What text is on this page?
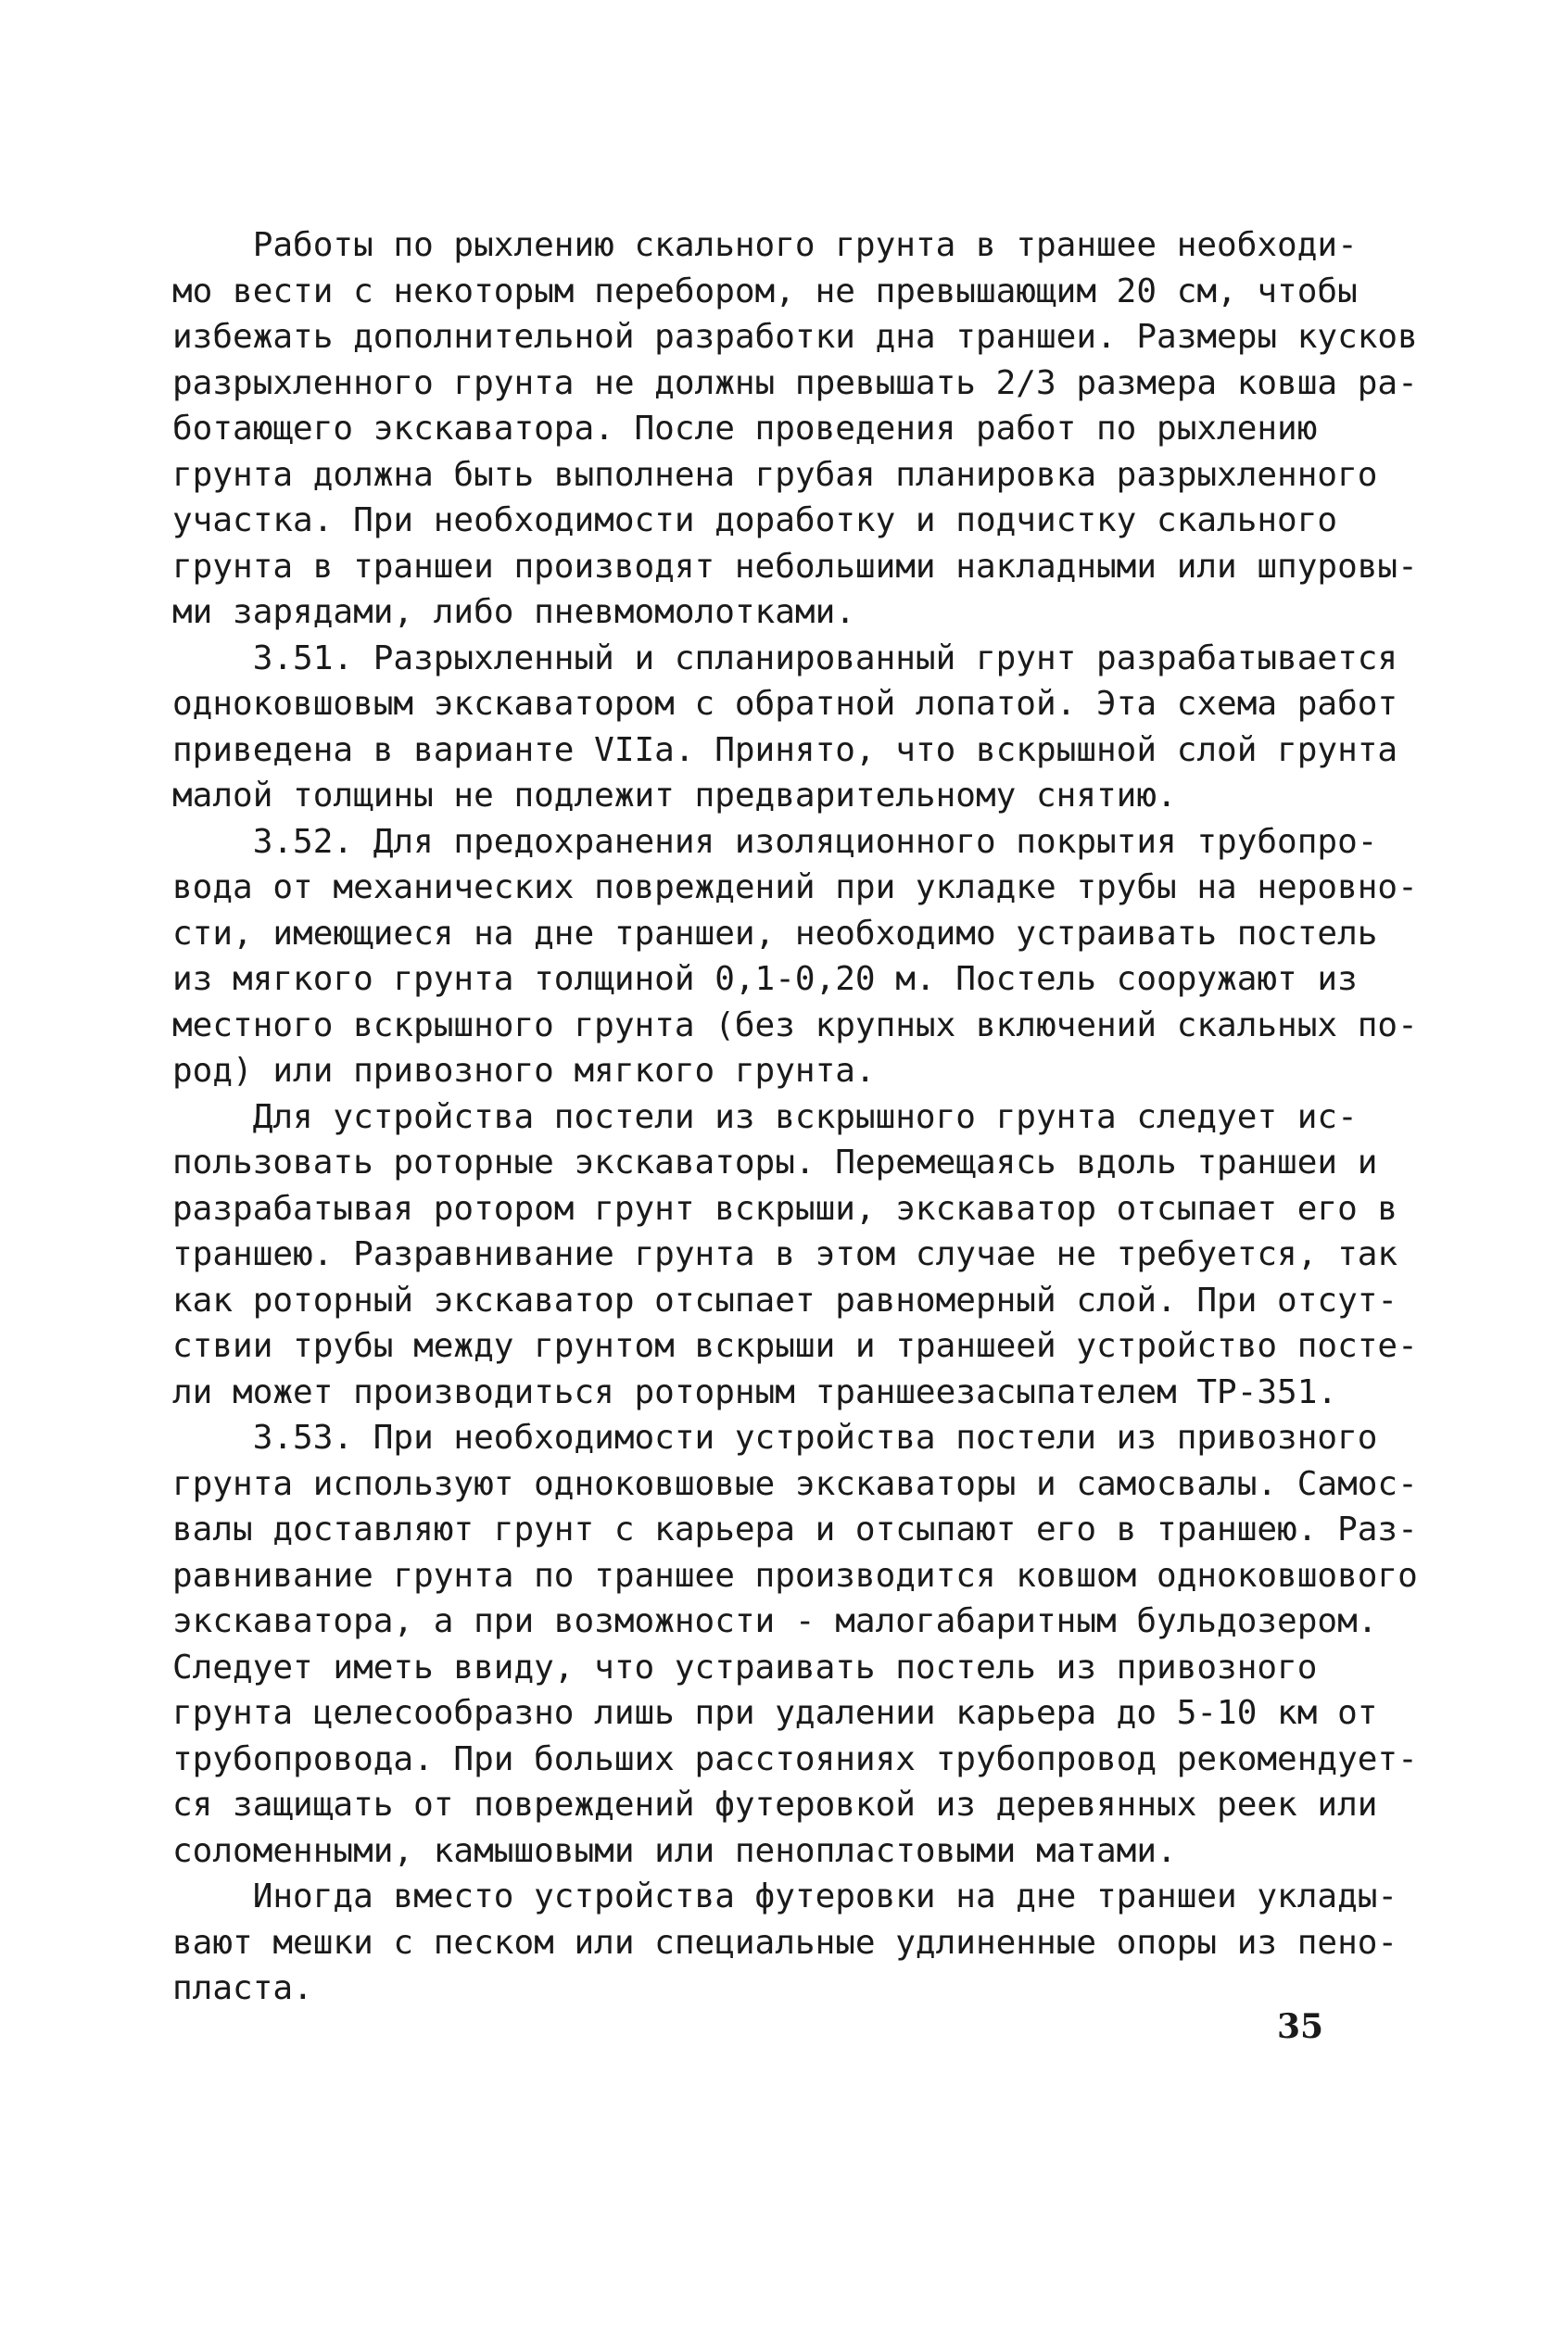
Работы по рыхлению скального грунта в траншее необходи-
мо вести с некоторым перебором, не превышающим 20 см, чтобы
избежать дополнительной разработки дна траншеи. Размеры кусков
разрыхленного грунта не должны превышать 2/3 размера ковша ра-
ботающего экскаватора. После проведения работ по рыхлению
грунта должна быть выполнена грубая планировка разрыхленного
участка. При необходимости доработку и подчистку скального
грунта в траншеи производят небольшими накладными или шпуровы-
ми зарядами, либо пневмомолотками.
3.51. Разрыхленный и спланированный грунт разрабатывается
одноковшовым экскаватором с обратной лопатой. Эта схема работ
приведена в варианте VIIа. Принято, что вскрышной слой грунта
малой толщины не подлежит предварительному снятию.
3.52. Для предохранения изоляционного покрытия трубопро-
вода от механических повреждений при укладке трубы на неровно-
сти, имеющиеся на дне траншеи, необходимо устраивать постель
из мягкого грунта толщиной 0,1-0,20 м. Постель сооружают из
местного вскрышного грунта (без крупных включений скальных по-
род) или привозного мягкого грунта.
Для устройства постели из вскрышного грунта следует ис-
пользовать роторные экскаваторы. Перемещаясь вдоль траншеи и
разрабатывая ротором грунт вскрыши, экскаватор отсыпает его в
траншею. Разравнивание грунта в этом случае не требуется, так
как роторный экскаватор отсыпает равномерный слой. При отсут-
ствии трубы между грунтом вскрыши и траншеей устройство посте-
ли может производиться роторным траншеезасыпателем ТР-351.
3.53. При необходимости устройства постели из привозного
грунта используют одноковшовые экскаваторы и самосвалы. Самос-
валы доставляют грунт с карьера и отсыпают его в траншею. Раз-
равнивание грунта по траншее производится ковшом одноковшового
экскаватора, а при возможности - малогабаритным бульдозером.
Следует иметь ввиду, что устраивать постель из привозного
грунта целесообразно лишь при удалении карьера до 5-10 км от
трубопровода. При больших расстояниях трубопровод рекомендует-
ся защищать от повреждений футеровкой из деревянных реек или
соломенными, камышовыми или пенопластовыми матами.
Иногда вместо устройства футеровки на дне траншеи уклады-
вают мешки с песком или специальные удлиненные опоры из пено-
пласта.
35
